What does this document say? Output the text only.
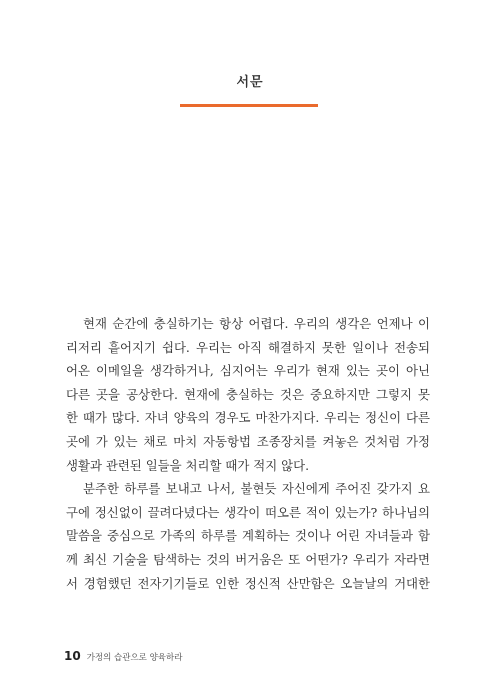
서문
현재 순간에 충실하기는 항상 어렵다. 우리의 생각은 언제나 이
리저리 흩어지기 쉽다. 우리는 아직 해결하지 못한 일이나 전송되
어온 이메일을 생각하거나, 심지어는 우리가 현재 있는 곳이 아닌
다른 곳을 공상한다. 현재에 충실하는 것은 중요하지만 그렇지 못
한 때가 많다. 자녀 양육의 경우도 마찬가지다. 우리는 정신이 다른
곳에 가 있는 채로 마치 자동항법 조종장치를 켜놓은 것처럼 가정
생활과 관련된 일들을 처리할 때가 적지 않다.
분주한 하루를 보내고 나서, 불현듯 자신에게 주어진 갖가지 요
구에 정신없이 끌려다녔다는 생각이 떠오른 적이 있는가? 하나님의
말씀을 중심으로 가족의 하루를 계획하는 것이나 어린 자녀들과 함
께 최신 기술을 탐색하는 것의 버거움은 또 어떤가? 우리가 자라면
서 경험했던 전자기기들로 인한 정신적 산만함은 오늘날의 거대한
10 가정의 습관으로 양육하라
